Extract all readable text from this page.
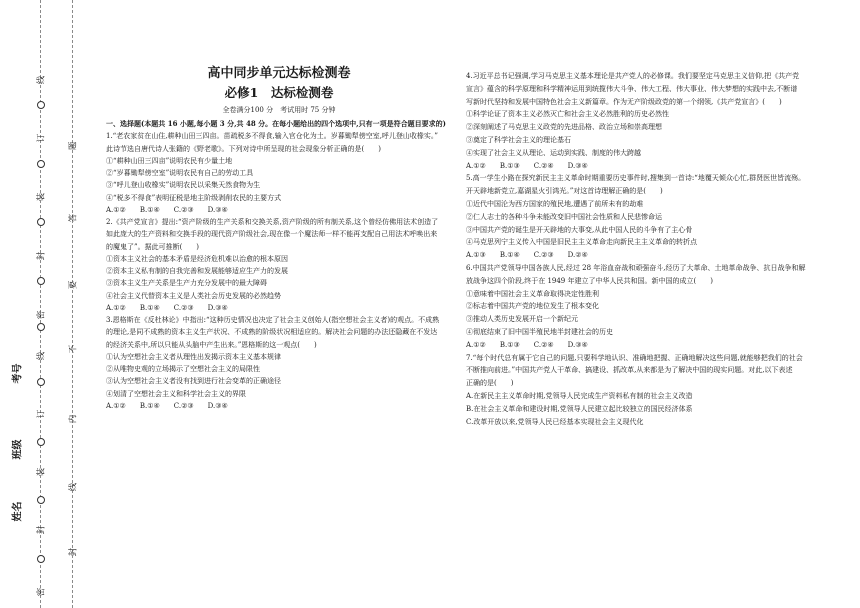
线
订
装
封
密
线
订
装
封
密
题
答
要
不
内
线
封
考号
班级
姓名

高中同步单元达标检测卷

必修1　达标检测卷

全卷满分100 分　考试用时 75 分钟

一、选择题(本题共 16 小题,每小题 3 分,共 48 分。在每小题给出的四个选项中,只有一项是符合题目要求的)

1.“老农家贫在山住,耕种山田三四亩。苗疏税多不得食,输入官仓化为土。岁暮锄犁傍空室,呼儿登山收橡实。”

此诗节选自唐代诗人张籍的《野老歌》。下列对诗中所呈现的社会现象分析正确的是(　　)

①“耕种山田三四亩”说明农民有少量土地

②“岁暮锄犁傍空室”说明农民有自己的劳动工具

③“呼儿登山收橡实”说明农民以采集天然食物为生

④“税多不得食”表明征税是地主阶级剥削农民的主要方式

A.①②　　B.①④　　C.②③　　D.③④

2.《共产党宣言》提出:“资产阶级的生产关系和交换关系,资产阶级的所有制关系,这个曾经仿佛用法术创造了

如此庞大的生产资料和交换手段的现代资产阶级社会,现在像一个魔法师一样不能再支配自己用法术呼唤出来

的魔鬼了”。据此可推断(　　)

①资本主义社会的基本矛盾是经济危机难以治愈的根本原因

②资本主义私有制的自我完善和发展能够适应生产力的发展

③资本主义生产关系是生产力充分发展中的最大障碍

④社会主义代替资本主义是人类社会历史发展的必然趋势

A.①②　　B.①④　　C.②③　　D.③④

3.恩格斯在《反杜林论》中指出:“这种历史情况也决定了社会主义创始人(指空想社会主义者)的观点。不成熟

的理论,是同不成熟的资本主义生产状况、不成熟的阶级状况相适应的。解决社会问题的办法还隐藏在不发达

的经济关系中,所以只能从头脑中产生出来。”恩格斯的这一观点(　　)

①认为空想社会主义者从理性出发揭示资本主义基本规律

②从唯物史观的立场揭示了空想社会主义的局限性

③认为空想社会主义者没有找到进行社会变革的正确途径

④划清了空想社会主义和科学社会主义的界限

A.①②　　B.①④　　C.②③　　D.③④

4.习近平总书记强调,学习马克思主义基本理论是共产党人的必修课。我们要坚定马克思主义信仰,把《共产党

宣言》蕴含的科学原理和科学精神运用到统揽伟大斗争、伟大工程、伟大事业、伟大梦想的实践中去,不断谱

写新时代坚持和发展中国特色社会主义新篇章。作为无产阶级政党的第一个纲领,《共产党宣言》(　　)

①科学论证了资本主义必然灭亡和社会主义必然胜利的历史必然性

②深刻阐述了马克思主义政党的先进品格、政治立场和崇高理想

③奠定了科学社会主义的理论基石

④实现了社会主义从理论、运动到实践、制度的伟大跨越

A.①②　　B.①③　　C.②④　　D.③④

5.高一学生小路在探究新民主主义革命时期重要历史事件时,搜集到一首诗:“地覆天倾众心忙,群贤医世皆流殇。

开天辟地新党立,嘉湖星火引鸿光。”对这首诗理解正确的是(　　)

①近代中国沦为西方国家的殖民地,遭遇了前所未有的劫难

②仁人志士的各种斗争未能改变旧中国社会性质和人民悲惨命运

③中国共产党的诞生是开天辟地的大事变,从此中国人民的斗争有了主心骨

④马克思列宁主义传入中国是旧民主主义革命走向新民主主义革命的转折点

A.①③　　B.①④　　C.②③　　D.②④

6.中国共产党领导中国各族人民,经过 28 年浴血奋战和顽强奋斗,经历了大革命、土地革命战争、抗日战争和解

放战争这四个阶段,终于在 1949 年建立了中华人民共和国。新中国的成立(　　)

①意味着中国社会主义革命取得决定性胜利

②标志着中国共产党的地位发生了根本变化

③推动人类历史发展开启一个新纪元

④彻底结束了旧中国半殖民地半封建社会的历史

A.①②　　B.①③　　C.②④　　D.③④

7.“每个时代总有属于它自己的问题,只要科学地认识、准确地把握、正确地解决这些问题,就能够把我们的社会

不断推向前进。”中国共产党人干革命、搞建设、抓改革,从来都是为了解决中国的现实问题。对此,以下表述

正确的是(　　)

A.在新民主主义革命时期,党领导人民完成生产资料私有制的社会主义改造

B.在社会主义革命和建设时期,党领导人民建立起比较独立的国民经济体系

C.改革开放以来,党领导人民已经基本实现社会主义现代化
